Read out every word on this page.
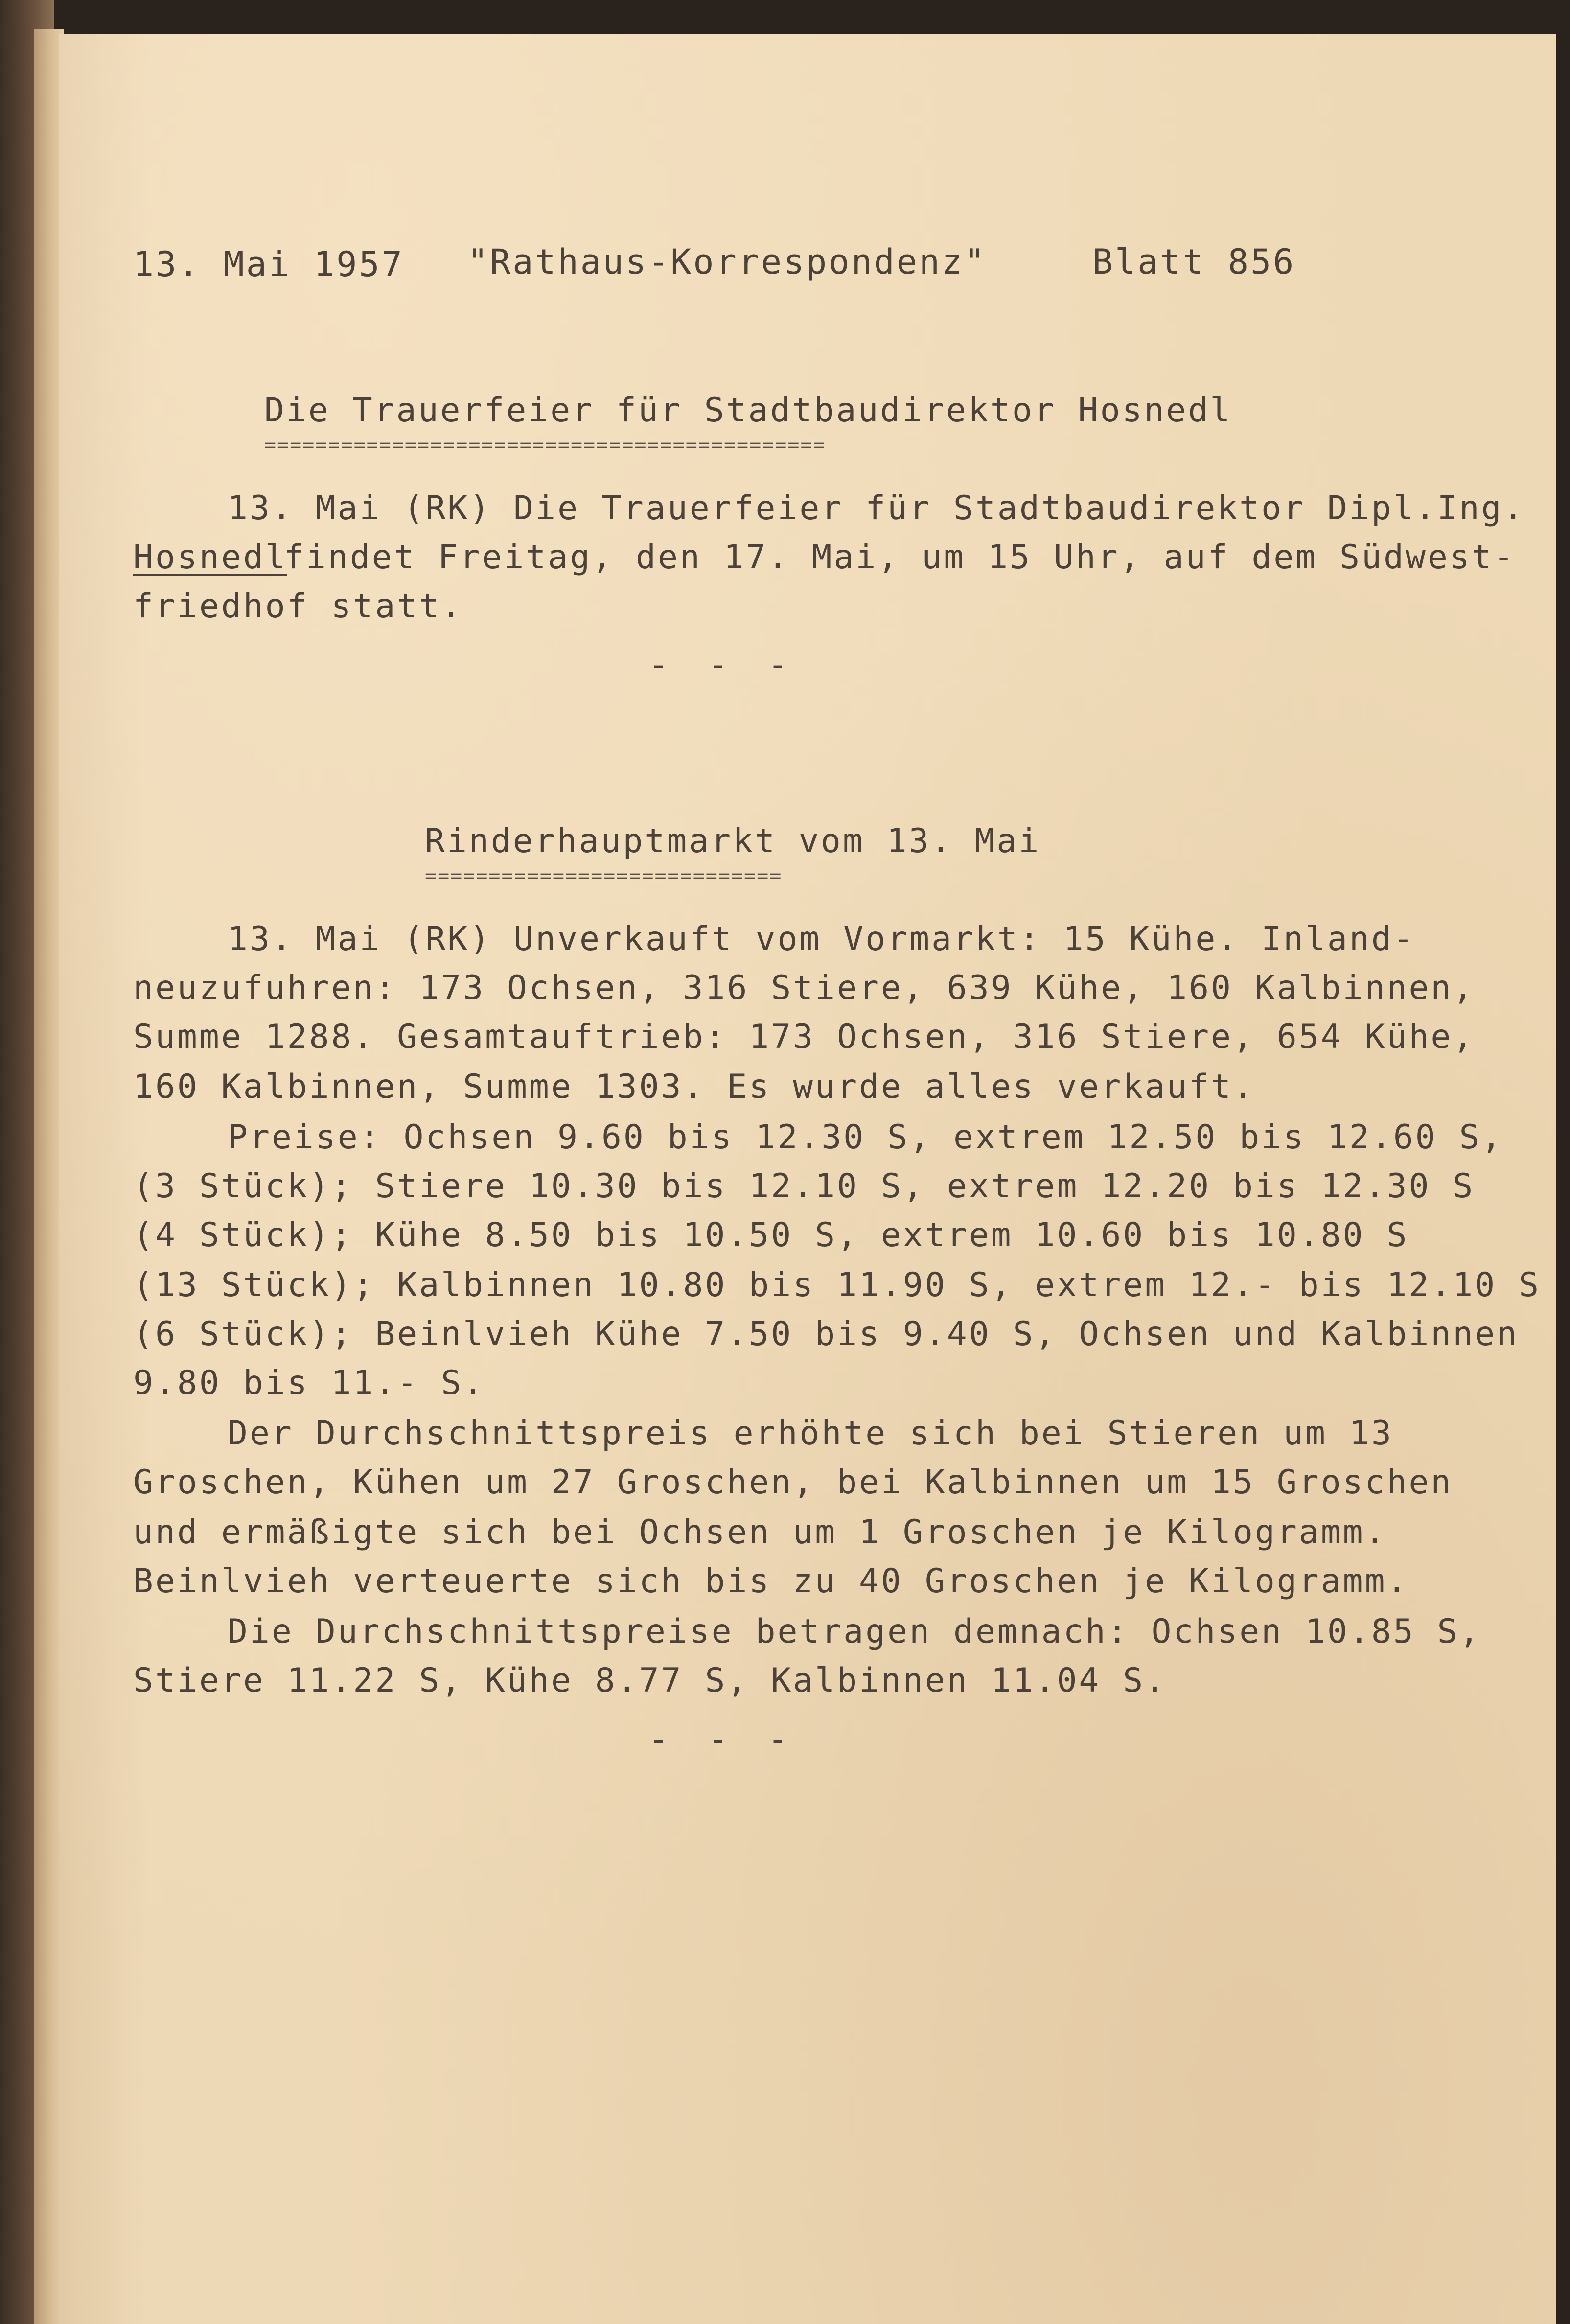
13. Mai 1957 "Rathaus-Korrespondenz"	Blatt 856
Die Trauerfeier für Stadtbaudirektor Hosnedl
============================================
13. Mai (RK) Die Trauerfeier für Stadtbaudirektor Dipl.Ing.
Hosnedl
findet Freitag, den 17. Mai, um 15 Uhr, auf dem Südwest-
friedhof statt.
- - -
Rinderhauptmarkt vom 13. Mai
============================
13. Mai (RK) Unverkauft vom Vormarkt: 15 Kühe. Inland-
neuzufuhren: 173 Ochsen, 316 Stiere, 639 Kühe, 160 Kalbinnen,
Summe 1288. Gesamtauftrieb: 173 Ochsen, 316 Stiere, 654 Kühe,
160 Kalbinnen, Summe 1303. Es wurde alles verkauft.
Preise: Ochsen 9.60 bis 12.30 S, extrem 12.50 bis 12.60 S,
(3 Stück); Stiere 10.30 bis 12.10 S, extrem 12.20 bis 12.30 S
(4 Stück); Kühe 8.50 bis 10.50 S, extrem 10.60 bis 10.80 S
(13 Stück); Kalbinnen 10.80 bis 11.90 S, extrem 12.- bis 12.10 S
(6 Stück); Beinlvieh Kühe 7.50 bis 9.40 S, Ochsen und Kalbinnen
9.80 bis 11.- S.
Der Durchschnittspreis erhöhte sich bei Stieren um 13
Groschen, Kühen um 27 Groschen, bei Kalbinnen um 15 Groschen
und ermäßigte sich bei Ochsen um 1 Groschen je Kilogramm.
Beinlvieh verteuerte sich bis zu 40 Groschen je Kilogramm.
Die Durchschnittspreise betragen demnach: Ochsen 10.85 S,
Stiere 11.22 S, Kühe 8.77 S, Kalbinnen 11.04 S.
- - -
